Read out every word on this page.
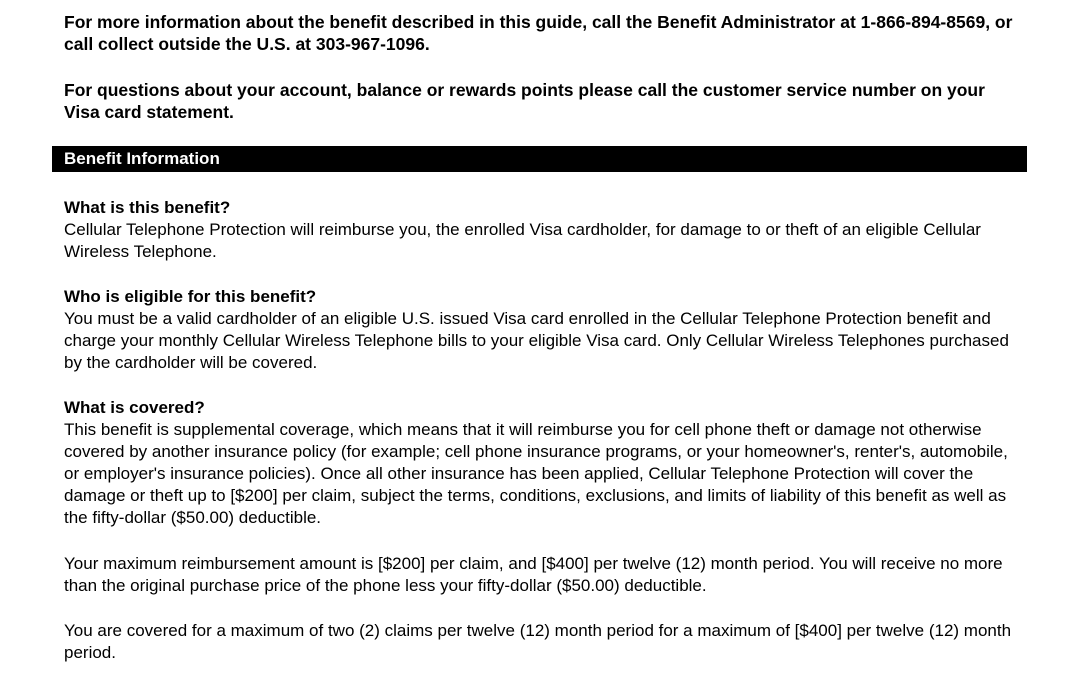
For more information about the benefit described in this guide, call the Benefit Administrator at 1-866-894-8569, or call collect outside the U.S. at 303-967-1096.

For questions about your account, balance or rewards points please call the customer service number on your Visa card statement.

Benefit Information

What is this benefit?

Cellular Telephone Protection will reimburse you, the enrolled Visa cardholder, for damage to or theft of an eligible Cellular Wireless Telephone.

Who is eligible for this benefit?

You must be a valid cardholder of an eligible U.S. issued Visa card enrolled in the Cellular Telephone Protection benefit and charge your monthly Cellular Wireless Telephone bills to your eligible Visa card. Only Cellular Wireless Telephones purchased by the cardholder will be covered.

What is covered?

This benefit is supplemental coverage, which means that it will reimburse you for cell phone theft or damage not otherwise covered by another insurance policy (for example; cell phone insurance programs, or your homeowner's, renter's, automobile, or employer's insurance policies). Once all other insurance has been applied, Cellular Telephone Protection will cover the damage or theft up to [$200] per claim, subject the terms, conditions, exclusions, and limits of liability of this benefit as well as the fifty-dollar ($50.00) deductible.

Your maximum reimbursement amount is [$200] per claim, and [$400] per twelve (12) month period. You will receive no more than the original purchase price of the phone less your fifty-dollar ($50.00) deductible.

You are covered for a maximum of two (2) claims per twelve (12) month period for a maximum of [$400] per twelve (12) month period.
